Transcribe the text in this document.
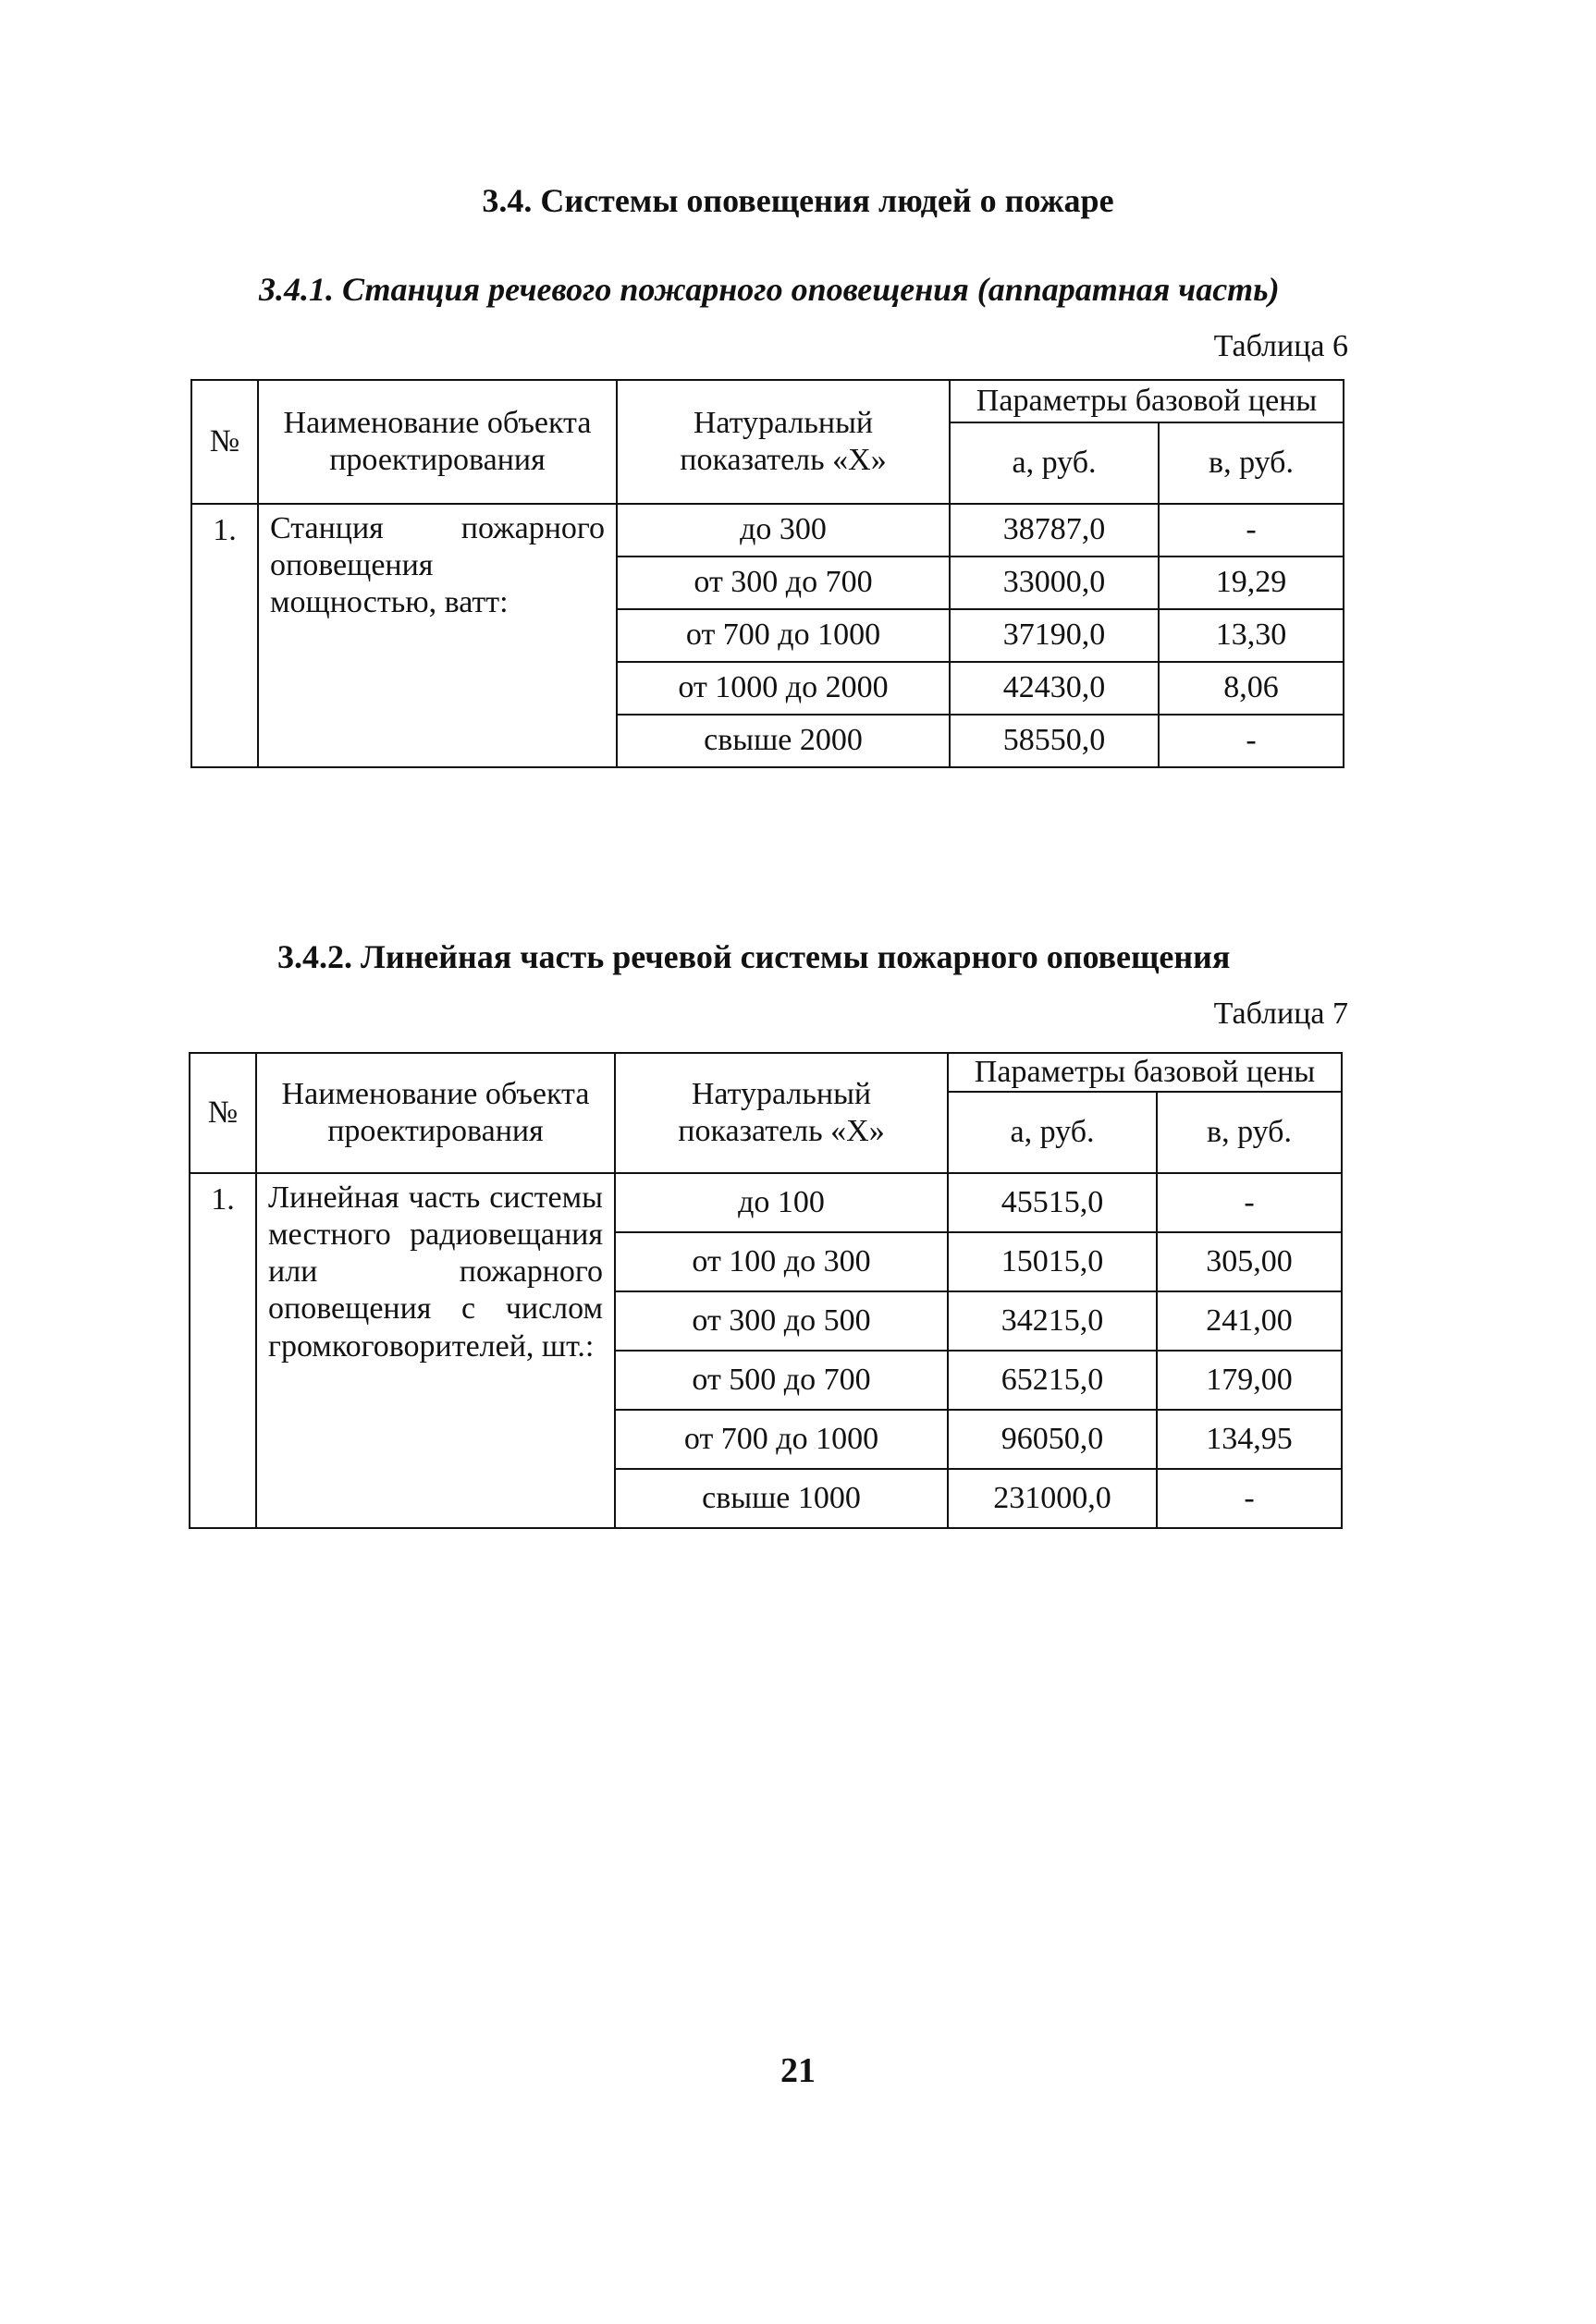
3.4. Системы оповещения людей о пожаре
3.4.1. Станция речевого пожарного оповещения (аппаратная часть)
Таблица 6
№	Наименование объекта проектирования	Натуральный показатель «Х»	Параметры базовой цены	
			а, руб.	в, руб.
1.	Станция пожарного оповещения мощностью, ватт:	до 300	38787,0	-
		от 300 до 700	33000,0	19,29
		от 700 до 1000	37190,0	13,30
		от 1000 до 2000	42430,0	8,06
		свыше 2000	58550,0	-
3.4.2. Линейная часть речевой системы пожарного оповещения
Таблица 7
№	Наименование объекта проектирования	Натуральный показатель «Х»	Параметры базовой цены	
			а, руб.	в, руб.
1.	Линейная часть системы местного радиовещания или пожарного оповещения с числом громкоговорителей, шт.:	до 100	45515,0	-
		от 100 до 300	15015,0	305,00
		от 300 до 500	34215,0	241,00
		от 500 до 700	65215,0	179,00
		от 700 до 1000	96050,0	134,95
		свыше 1000	231000,0	-
21
